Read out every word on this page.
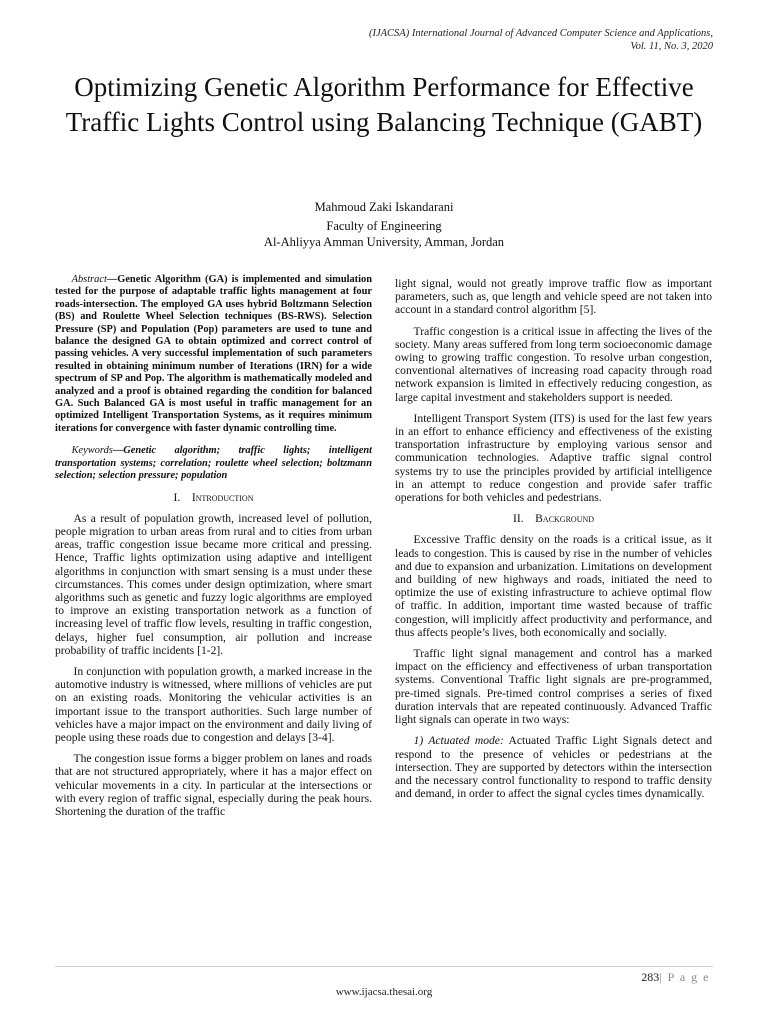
(IJACSA) International Journal of Advanced Computer Science and Applications,
Vol. 11, No. 3, 2020
Optimizing Genetic Algorithm Performance for Effective Traffic Lights Control using Balancing Technique (GABT)
Mahmoud Zaki Iskandarani
Faculty of Engineering
Al-Ahliyya Amman University, Amman, Jordan

Abstract—Genetic Algorithm (GA) is implemented and simulation tested for the purpose of adaptable traffic lights management at four roads-intersection. The employed GA uses hybrid Boltzmann Selection (BS) and Roulette Wheel Selection techniques (BS-RWS). Selection Pressure (SP) and Population (Pop) parameters are used to tune and balance the designed GA to obtain optimized and correct control of passing vehicles. A very successful implementation of such parameters resulted in obtaining minimum number of Iterations (IRN) for a wide spectrum of SP and Pop. The algorithm is mathematically modeled and analyzed and a proof is obtained regarding the condition for balanced GA. Such Balanced GA is most useful in traffic management for an optimized Intelligent Transportation Systems, as it requires minimum iterations for convergence with faster dynamic controlling time.

Keywords—Genetic algorithm; traffic lights; intelligent transportation systems; correlation; roulette wheel selection; boltzmann selection; selection pressure; population

I. Introduction

As a result of population growth, increased level of pollution, people migration to urban areas from rural and to cities from urban areas, traffic congestion issue became more critical and pressing. Hence, Traffic lights optimization using adaptive and intelligent algorithms in conjunction with smart sensing is a must under these circumstances. This comes under design optimization, where smart algorithms such as genetic and fuzzy logic algorithms are employed to improve an existing transportation network as a function of increasing level of traffic flow levels, resulting in traffic congestion, delays, higher fuel consumption, air pollution and increase probability of traffic incidents [1-2].

In conjunction with population growth, a marked increase in the automotive industry is witnessed, where millions of vehicles are put on an existing roads. Monitoring the vehicular activities is an important issue to the transport authorities. Such large number of vehicles have a major impact on the environment and daily living of people using these roads due to congestion and delays [3-4].

The congestion issue forms a bigger problem on lanes and roads that are not structured appropriately, where it has a major effect on vehicular movements in a city. In particular at the intersections or with every region of traffic signal, especially during the peak hours. Shortening the duration of the traffic

light signal, would not greatly improve traffic flow as important parameters, such as, que length and vehicle speed are not taken into account in a standard control algorithm [5].

Traffic congestion is a critical issue in affecting the lives of the society. Many areas suffered from long term socioeconomic damage owing to growing traffic congestion. To resolve urban congestion, conventional alternatives of increasing road capacity through road network expansion is limited in effectively reducing congestion, as large capital investment and stakeholders support is needed.

Intelligent Transport System (ITS) is used for the last few years in an effort to enhance efficiency and effectiveness of the existing transportation infrastructure by employing various sensor and communication technologies. Adaptive traffic signal control systems try to use the principles provided by artificial intelligence in an attempt to reduce congestion and provide safer traffic operations for both vehicles and pedestrians.

II. Background

Excessive Traffic density on the roads is a critical issue, as it leads to congestion. This is caused by rise in the number of vehicles and due to expansion and urbanization. Limitations on development and building of new highways and roads, initiated the need to optimize the use of existing infrastructure to achieve optimal flow of traffic. In addition, important time wasted because of traffic congestion, will implicitly affect productivity and performance, and thus affects people’s lives, both economically and socially.

Traffic light signal management and control has a marked impact on the efficiency and effectiveness of urban transportation systems. Conventional Traffic light signals are pre-programmed, pre-timed signals. Pre-timed control comprises a series of fixed duration intervals that are repeated continuously. Advanced Traffic light signals can operate in two ways:

1) Actuated mode: Actuated Traffic Light Signals detect and respond to the presence of vehicles or pedestrians at the intersection. They are supported by detectors within the intersection and the necessary control functionality to respond to traffic density and demand, in order to affect the signal cycles times dynamically.

283| P a g e
www.ijacsa.thesai.org
